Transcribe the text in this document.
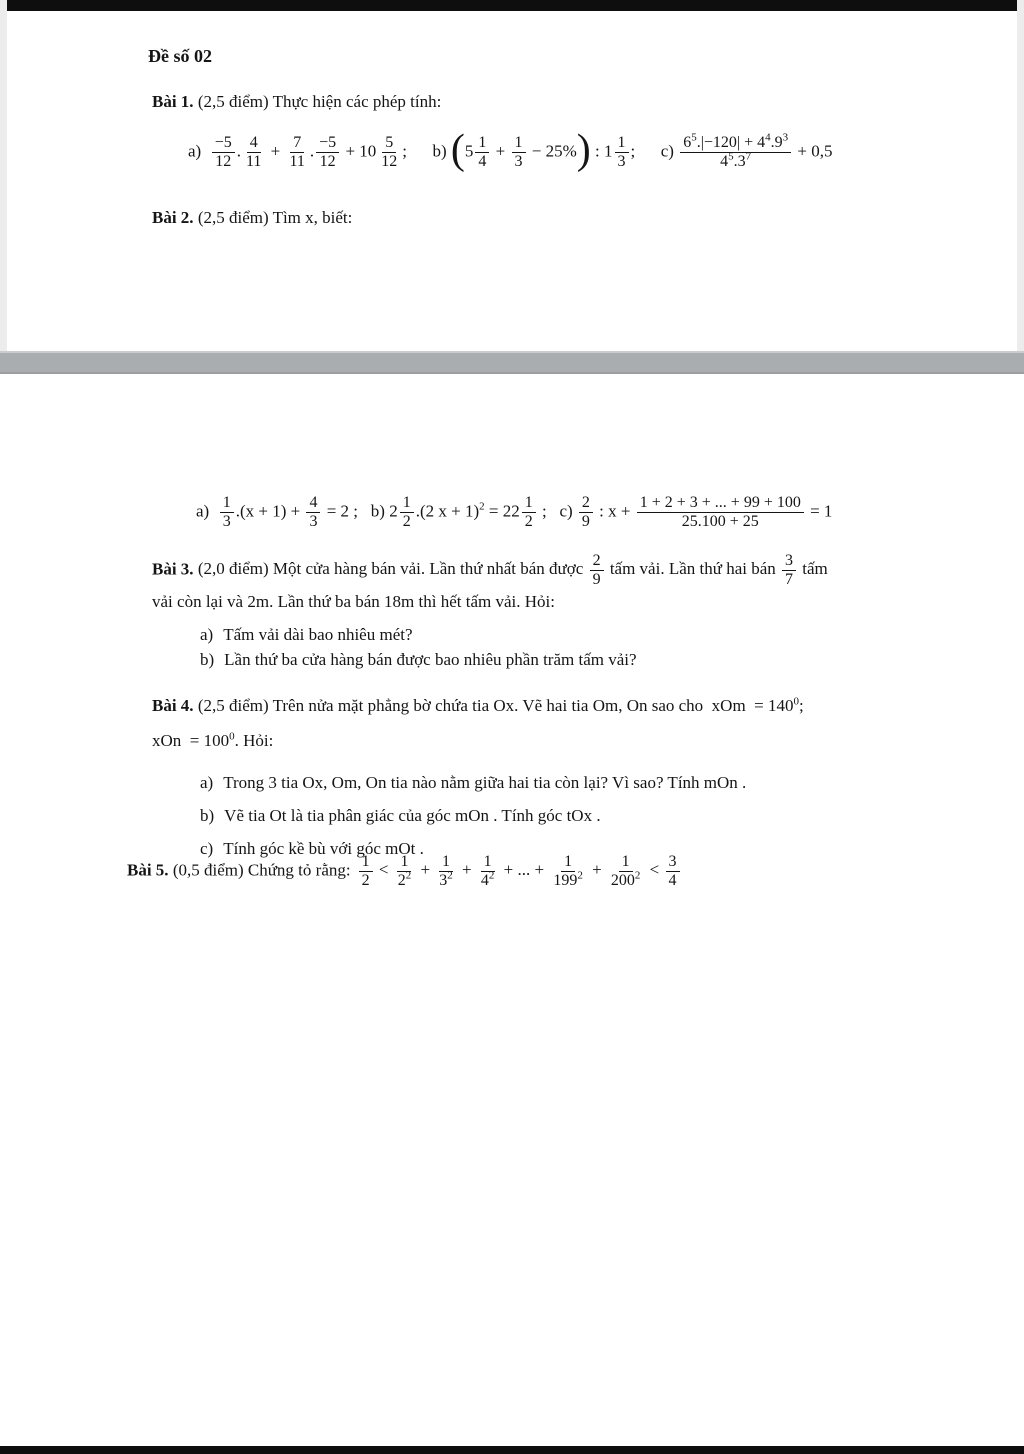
Đề số 02

Bài 1. (2,5 điểm) Thực hiện các phép tính:

$a) \frac{-5}{12}$ . $\frac{4}{11} + \frac{7}{11}$ . $\frac{-5}{12} + 10 \frac{5}{12}$ ;  b) $(5 \frac{1}{4} + \frac{1}{3} - 25\%)$ : $1 \frac{1}{3}$ ;  $c) \frac{6^5.|-120| + 4^4.9^3}{4^5.3^7} + 0,5$

Bài 2. (2,5 điểm) Tìm x, biết:

$a) \frac{1}{3} .(x + 1) + \frac{4}{3} = 2$ ;  b) $2 \frac{1}{2} .(2$ $x + 1)^2 = 22 \frac{1}{2}$ ;  $c) \frac{2}{9}$ : $x + \frac{1 + 2 + 3 + ... + 99 + 100}{25.100 + 25} = 1$
Bài 3. (2,0 điểm) Một cửa hàng bán vải. Lần thứ nhất bán được $\frac{2}{9}$ tấm vải. Lần thứ hai bán $\frac{3}{7}$ tấm
vải còn lại và 2m. Lần thứ ba bán 18m thì hết tấm vải. Hỏi:
a) Tấm vải dài bao nhiêu mét?
b) Lần thứ ba cửa hàng bán được bao nhiêu phần trăm tấm vải?
Bài 4. (2,5 điểm) Trên nửa mặt phẳng bờ chứa tia Ox. Vẽ hai tia Om, On sao cho  xOm  = $140^0$;
xOn  = $100^0$. Hỏi:
a) Trong 3 tia Ox, Om, On tia nào nằm giữa hai tia còn lại? Vì sao? Tính mOn .
b) Vẽ tia Ot là tia phân giác của góc mOn . Tính góc tOx .
c) Tính góc kề bù với góc mOt .
Bài 5. (0,5 điểm) Chứng tỏ rằng: $\frac{1}{2} < \frac{1}{2^2} + \frac{1}{3^2} + \frac{1}{4^2}$ + ... + $\frac{1}{199^2} + \frac{1}{200^2} < \frac{3}{4}$
